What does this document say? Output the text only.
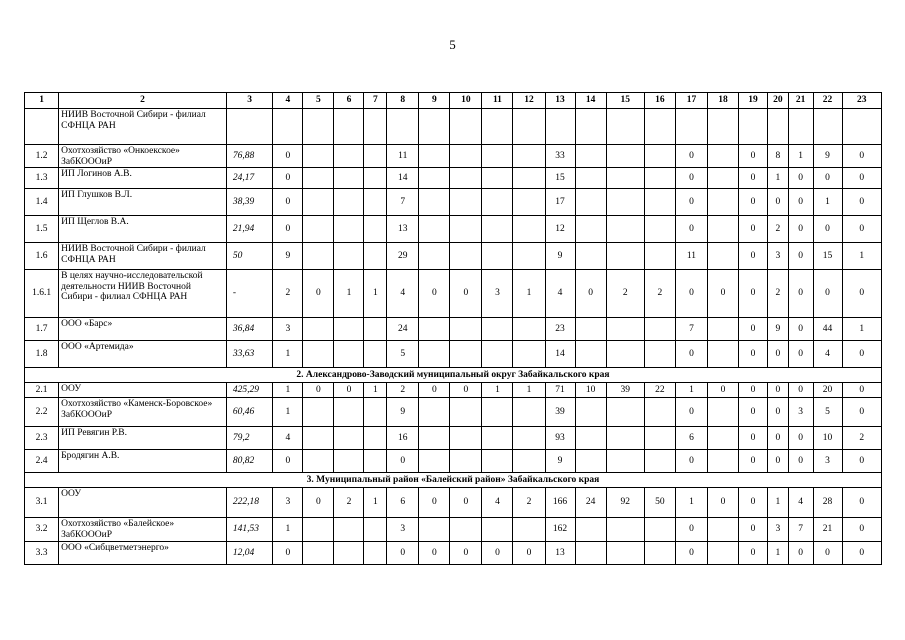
5
1	2	3	4	5	6	7	8	9	10	11	12	13	14	15	16	17	18	19	20	21	22	23
	НИИВ Восточной Сибири - филиал СФНЦА РАН																					
1.2	Охотхозяйство «Онкоекское» ЗабКОООиР	76,88	0				11					33				0		0	8	1	9	0
1.3	ИП Логинов А.В.	24,17	0				14					15				0		0	1	0	0	0
1.4	ИП Глушков В.Л.	38,39	0				7					17				0		0	0	0	1	0
1.5	ИП Щеглов В.А.	21,94	0				13					12				0		0	2	0	0	0
1.6	НИИВ Восточной Сибири - филиал СФНЦА РАН	50	9				29					9				11		0	3	0	15	1
1.6.1	В целях научно-исследовательской деятельности НИИВ Восточной Сибири - филиал СФНЦА РАН	-	2	0	1	1	4	0	0	3	1	4	0	2	2	0	0	0	2	0	0	0
1.7	ООО «Барс»	36,84	3				24					23				7		0	9	0	44	1
1.8	ООО «Артемида»	33,63	1				5					14				0		0	0	0	4	0
2. Александрово-Заводский муниципальный округ Забайкальского края																						
2.1	ООУ	425,29	1	0	0	1	2	0	0	1	1	71	10	39	22	1	0	0	0	0	20	0
2.2	Охотхозяйство «Каменск-Боровское» ЗабКОООиР	60,46	1				9					39				0		0	0	3	5	0
2.3	ИП Ревягин Р.В.	79,2	4				16					93				6		0	0	0	10	2
2.4	Бродягин А.В.	80,82	0				0					9				0		0	0	0	3	0
3. Муниципальный район «Балейский район» Забайкальского края																						
3.1	ООУ	222,18	3	0	2	1	6	0	0	4	2	166	24	92	50	1	0	0	1	4	28	0
3.2	Охотхозяйство «Балейское» ЗабКОООиР	141,53	1				3					162				0		0	3	7	21	0
3.3	ООО «Сибцветметэнерго»	12,04	0				0	0	0	0	0	13				0		0	1	0	0	0
